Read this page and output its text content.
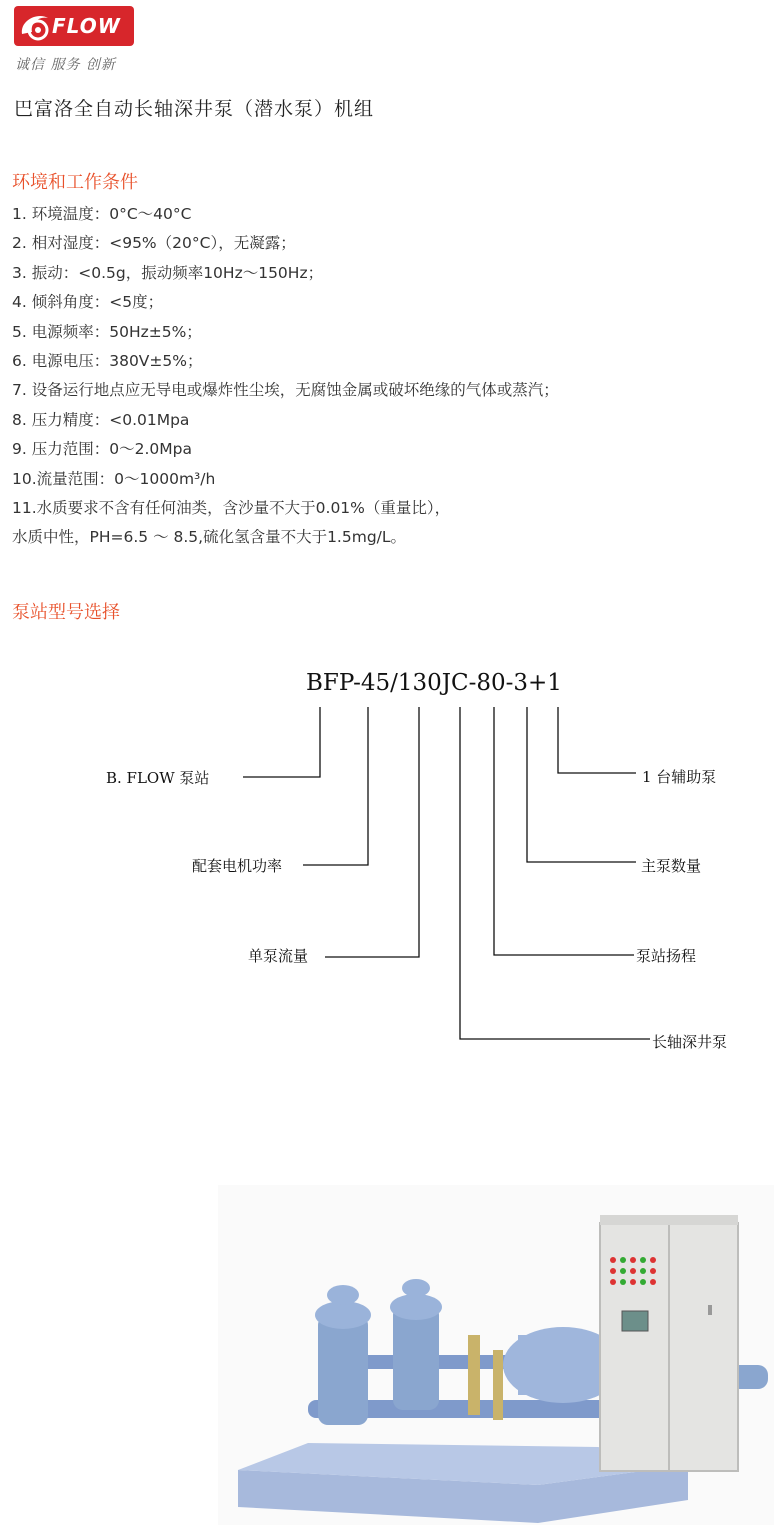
FLOW
诚信 服务 创新
巴富洛全自动长轴深井泵（潜水泵）机组
环境和工作条件
1. 环境温度：0°C～40°C
2. 相对湿度：<95%（20°C），无凝露；
3. 振动：<0.5g，振动频率10Hz～150Hz；
4. 倾斜角度：<5度；
5. 电源频率：50Hz±5%；
6. 电源电压：380V±5%；
7. 设备运行地点应无导电或爆炸性尘埃，无腐蚀金属或破坏绝缘的气体或蒸汽；
8. 压力精度：<0.01Mpa
9. 压力范围：0～2.0Mpa
10.流量范围：0～1000m³/h
11.水质要求不含有任何油类，含沙量不大于0.01%（重量比），
水质中性，PH=6.5 ～ 8.5,硫化氢含量不大于1.5mg/L。
泵站型号选择
BFP-45/130JC-80-3+1
B. FLOW 泵站
配套电机功率
单泵流量
1 台辅助泵
主泵数量
泵站扬程
长轴深井泵
